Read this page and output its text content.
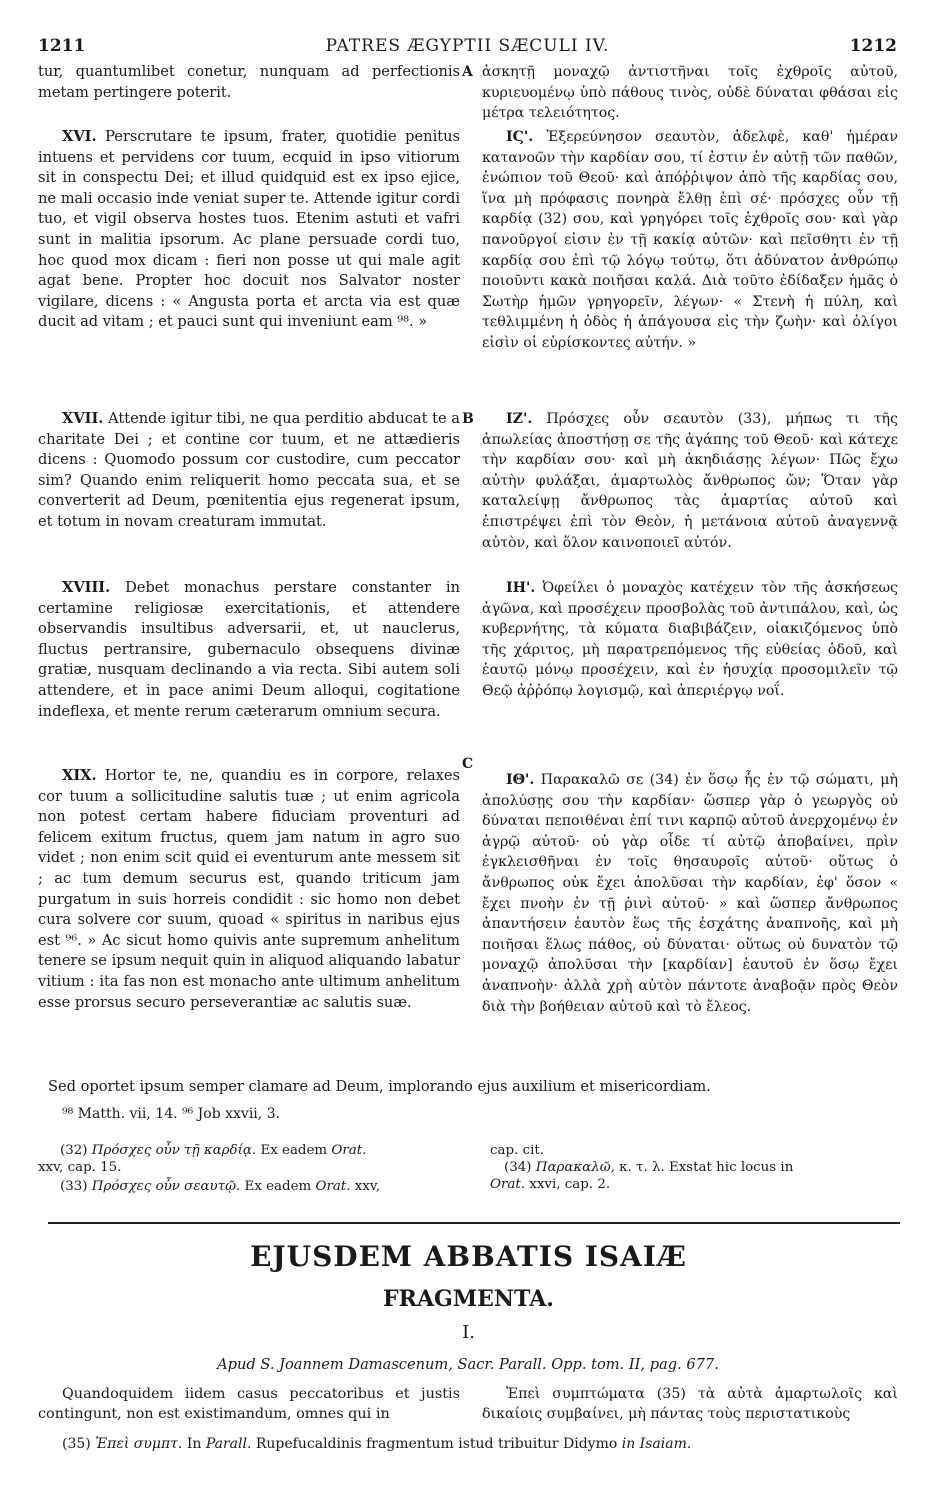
1211	PATRES ÆGYPTII SÆCULI IV.	1212
A
B
C

tur, quantumlibet conetur, nunquam ad perfectionis metam pertingere poterit.

XVI. Perscrutare te ipsum, frater, quotidie penitus intuens et pervidens cor tuum, ecquid in ipso vitiorum sit in conspectu Dei; et illud quidquid est ex ipso ejice, ne mali occasio inde veniat super te. Attende igitur cordi tuo, et vigil observa hostes tuos. Etenim astuti et vafri sunt in malitia ipsorum. Ac plane persuade cordi tuo, hoc quod mox dicam : fieri non posse ut qui male agit agat bene. Propter hoc docuit nos Salvator noster vigilare, dicens : « Angusta porta et arcta via est quæ ducit ad vitam ; et pauci sunt qui inveniunt eam ⁹⁸. »

XVII. Attende igitur tibi, ne qua perditio abducat te a charitate Dei ; et contine cor tuum, et ne attædieris dicens : Quomodo possum cor custodire, cum peccator sim? Quando enim reliquerit homo peccata sua, et se converterit ad Deum, pœnitentia ejus regenerat ipsum, et totum in novam creaturam immutat.

XVIII. Debet monachus perstare constanter in certamine religiosæ exercitationis, et attendere observandis insultibus adversarii, et, ut nauclerus, fluctus pertransire, gubernaculo obsequens divinæ gratiæ, nusquam declinando a via recta. Sibi autem soli attendere, et in pace animi Deum alloqui, cogitatione indeflexa, et mente rerum cæterarum omnium secura.

XIX. Hortor te, ne, quandiu es in corpore, relaxes cor tuum a sollicitudine salutis tuæ ; ut enim agricola non potest certam habere fiduciam proventuri ad felicem exitum fructus, quem jam natum in agro suo videt ; non enim scit quid ei eventurum ante messem sit ; ac tum demum securus est, quando triticum jam purgatum in suis horreis condidit : sic homo non debet cura solvere cor suum, quoad « spiritus in naribus ejus est ⁹⁶. » Ac sicut homo quivis ante supremum anhelitum tenere se ipsum nequit quin in aliquod aliquando labatur vitium : ita fas non est monacho ante ultimum anhelitum esse prorsus securo perseverantiæ ac salutis suæ.

ἀσκητῇ μοναχῷ ἀντιστῆναι τοῖς ἐχθροῖς αὐτοῦ, κυριευομένῳ ὑπὸ πάθους τινὸς, οὐδὲ δύναται φθάσαι εἰς μέτρα τελειότητος.

ΙϚ'. Ἐξερεύνησον σεαυτὸν, ἀδελφὲ, καθ' ἡμέραν κατανοῶν τὴν καρδίαν σου, τί ἐστιν ἐν αὐτῇ τῶν παθῶν, ἐνώπιον τοῦ Θεοῦ· καὶ ἀπόῤῥιψον ἀπὸ τῆς καρδίας σου, ἵνα μὴ πρόφασις πονηρὰ ἔλθῃ ἐπὶ σέ· πρόσχες οὖν τῇ καρδίᾳ (32) σου, καὶ γρηγόρει τοῖς ἐχθροῖς σου· καὶ γὰρ πανοῦργοί εἰσιν ἐν τῇ κακίᾳ αὐτῶν· καὶ πεῖσθητι ἐν τῇ καρδίᾳ σου ἐπὶ τῷ λόγῳ τούτῳ, ὅτι ἀδύνατον ἀνθρώπῳ ποιοῦντι κακὰ ποιῆσαι καλά. Διὰ τοῦτο ἐδίδαξεν ἡμᾶς ὁ Σωτὴρ ἡμῶν γρηγορεῖν, λέγων· « Στενὴ ἡ πύλη, καὶ τεθλιμμένη ἡ ὁδὸς ἡ ἀπάγουσα εἰς τὴν ζωὴν· καὶ ὀλίγοι εἰσὶν οἱ εὑρίσκοντες αὐτήν. »

ΙΖ'. Πρόσχες οὖν σεαυτὸν (33), μήπως τι τῆς ἀπωλείας ἀποστήσῃ σε τῆς ἀγάπης τοῦ Θεοῦ· καὶ κάτεχε τὴν καρδίαν σου· καὶ μὴ ἀκηδιάσῃς λέγων· Πῶς ἔχω αὐτὴν φυλάξαι, ἁμαρτωλὸς ἄνθρωπος ὤν; Ὅταν γὰρ καταλείψῃ ἄνθρωπος τὰς ἁμαρτίας αὐτοῦ καὶ ἐπιστρέψει ἐπὶ τὸν Θεὸν, ἡ μετάνοια αὐτοῦ ἀναγεννᾷ αὐτὸν, καὶ ὅλον καινοποιεῖ αὐτόν.

ΙΗ'. Ὀφείλει ὁ μοναχὸς κατέχειν τὸν τῆς ἀσκήσεως ἀγῶνα, καὶ προσέχειν προσβολὰς τοῦ ἀντιπάλου, καὶ, ὡς κυβερνήτης, τὰ κύματα διαβιβάζειν, οἰακιζόμενος ὑπὸ τῆς χάριτος, μὴ παρατρεπόμενος τῆς εὐθείας ὁδοῦ, καὶ ἑαυτῷ μόνῳ προσέχειν, καὶ ἐν ἡσυχίᾳ προσομιλεῖν τῷ Θεῷ ἀῤῥόπῳ λογισμῷ, καὶ ἀπεριέργῳ νοΐ.

ΙΘ'. Παρακαλῶ σε (34) ἐν ὅσῳ ἧς ἐν τῷ σώματι, μὴ ἀπολύσῃς σου τὴν καρδίαν· ὥσπερ γὰρ ὁ γεωργὸς οὐ δύναται πεποιθέναι ἐπί τινι καρπῷ αὐτοῦ ἀνερχομένῳ ἐν ἀγρῷ αὐτοῦ· οὐ γὰρ οἶδε τί αὐτῷ ἀποβαίνει, πρὶν ἐγκλεισθῆναι ἐν τοῖς θησαυροῖς αὐτοῦ· οὕτως ὁ ἄνθρωπος οὐκ ἔχει ἀπολῦσαι τὴν καρδίαν, ἐφ' ὅσον « ἔχει πνοὴν ἐν τῇ ῥινὶ αὐτοῦ· » καὶ ὥσπερ ἄνθρωπος ἀπαντήσειν ἑαυτὸν ἕως τῆς ἐσχάτης ἀναπνοῆς, καὶ μὴ ποιῆσαι ἕλως πάθος, οὐ δύναται· οὕτως οὐ δυνατὸν τῷ μοναχῷ ἀπολῦσαι τὴν [καρδίαν] ἑαυτοῦ ἐν ὅσῳ ἔχει ἀναπνοὴν· ἀλλὰ χρὴ αὐτὸν πάντοτε ἀναβοᾷν πρὸς Θεὸν διὰ τὴν βοήθειαν αὐτοῦ καὶ τὸ ἔλεος.

Sed oportet ipsum semper clamare ad Deum, implorando ejus auxilium et misericordiam.
⁹⁸ Matth. vii, 14. ⁹⁶ Job xxvii, 3.
(32) Πρόσχες οὖν τῇ καρδίᾳ. Ex eadem Orat.
xxv, cap. 15.
(33) Πρόσχες οὖν σεαυτῷ. Ex eadem Orat. xxv,
cap. cit.
(34) Παρακαλῶ, κ. τ. λ. Exstat hic locus in
Orat. xxvi, cap. 2.
EJUSDEM ABBATIS ISAIÆ
FRAGMENTA.
I.
Apud S. Joannem Damascenum, Sacr. Parall. Opp. tom. II, pag. 677.

Quandoquidem iidem casus peccatoribus et justis contingunt, non est existimandum, omnes qui in

Ἐπεὶ συμπτώματα (35) τὰ αὐτὰ ἁμαρτωλοῖς καὶ δικαίοις συμβαίνει, μὴ πάντας τοὺς περιστατικοὺς

(35) Ἐπεὶ συμπτ. In Parall. Rupefucaldinis fragmentum istud tribuitur Didymo in Isaiam.
